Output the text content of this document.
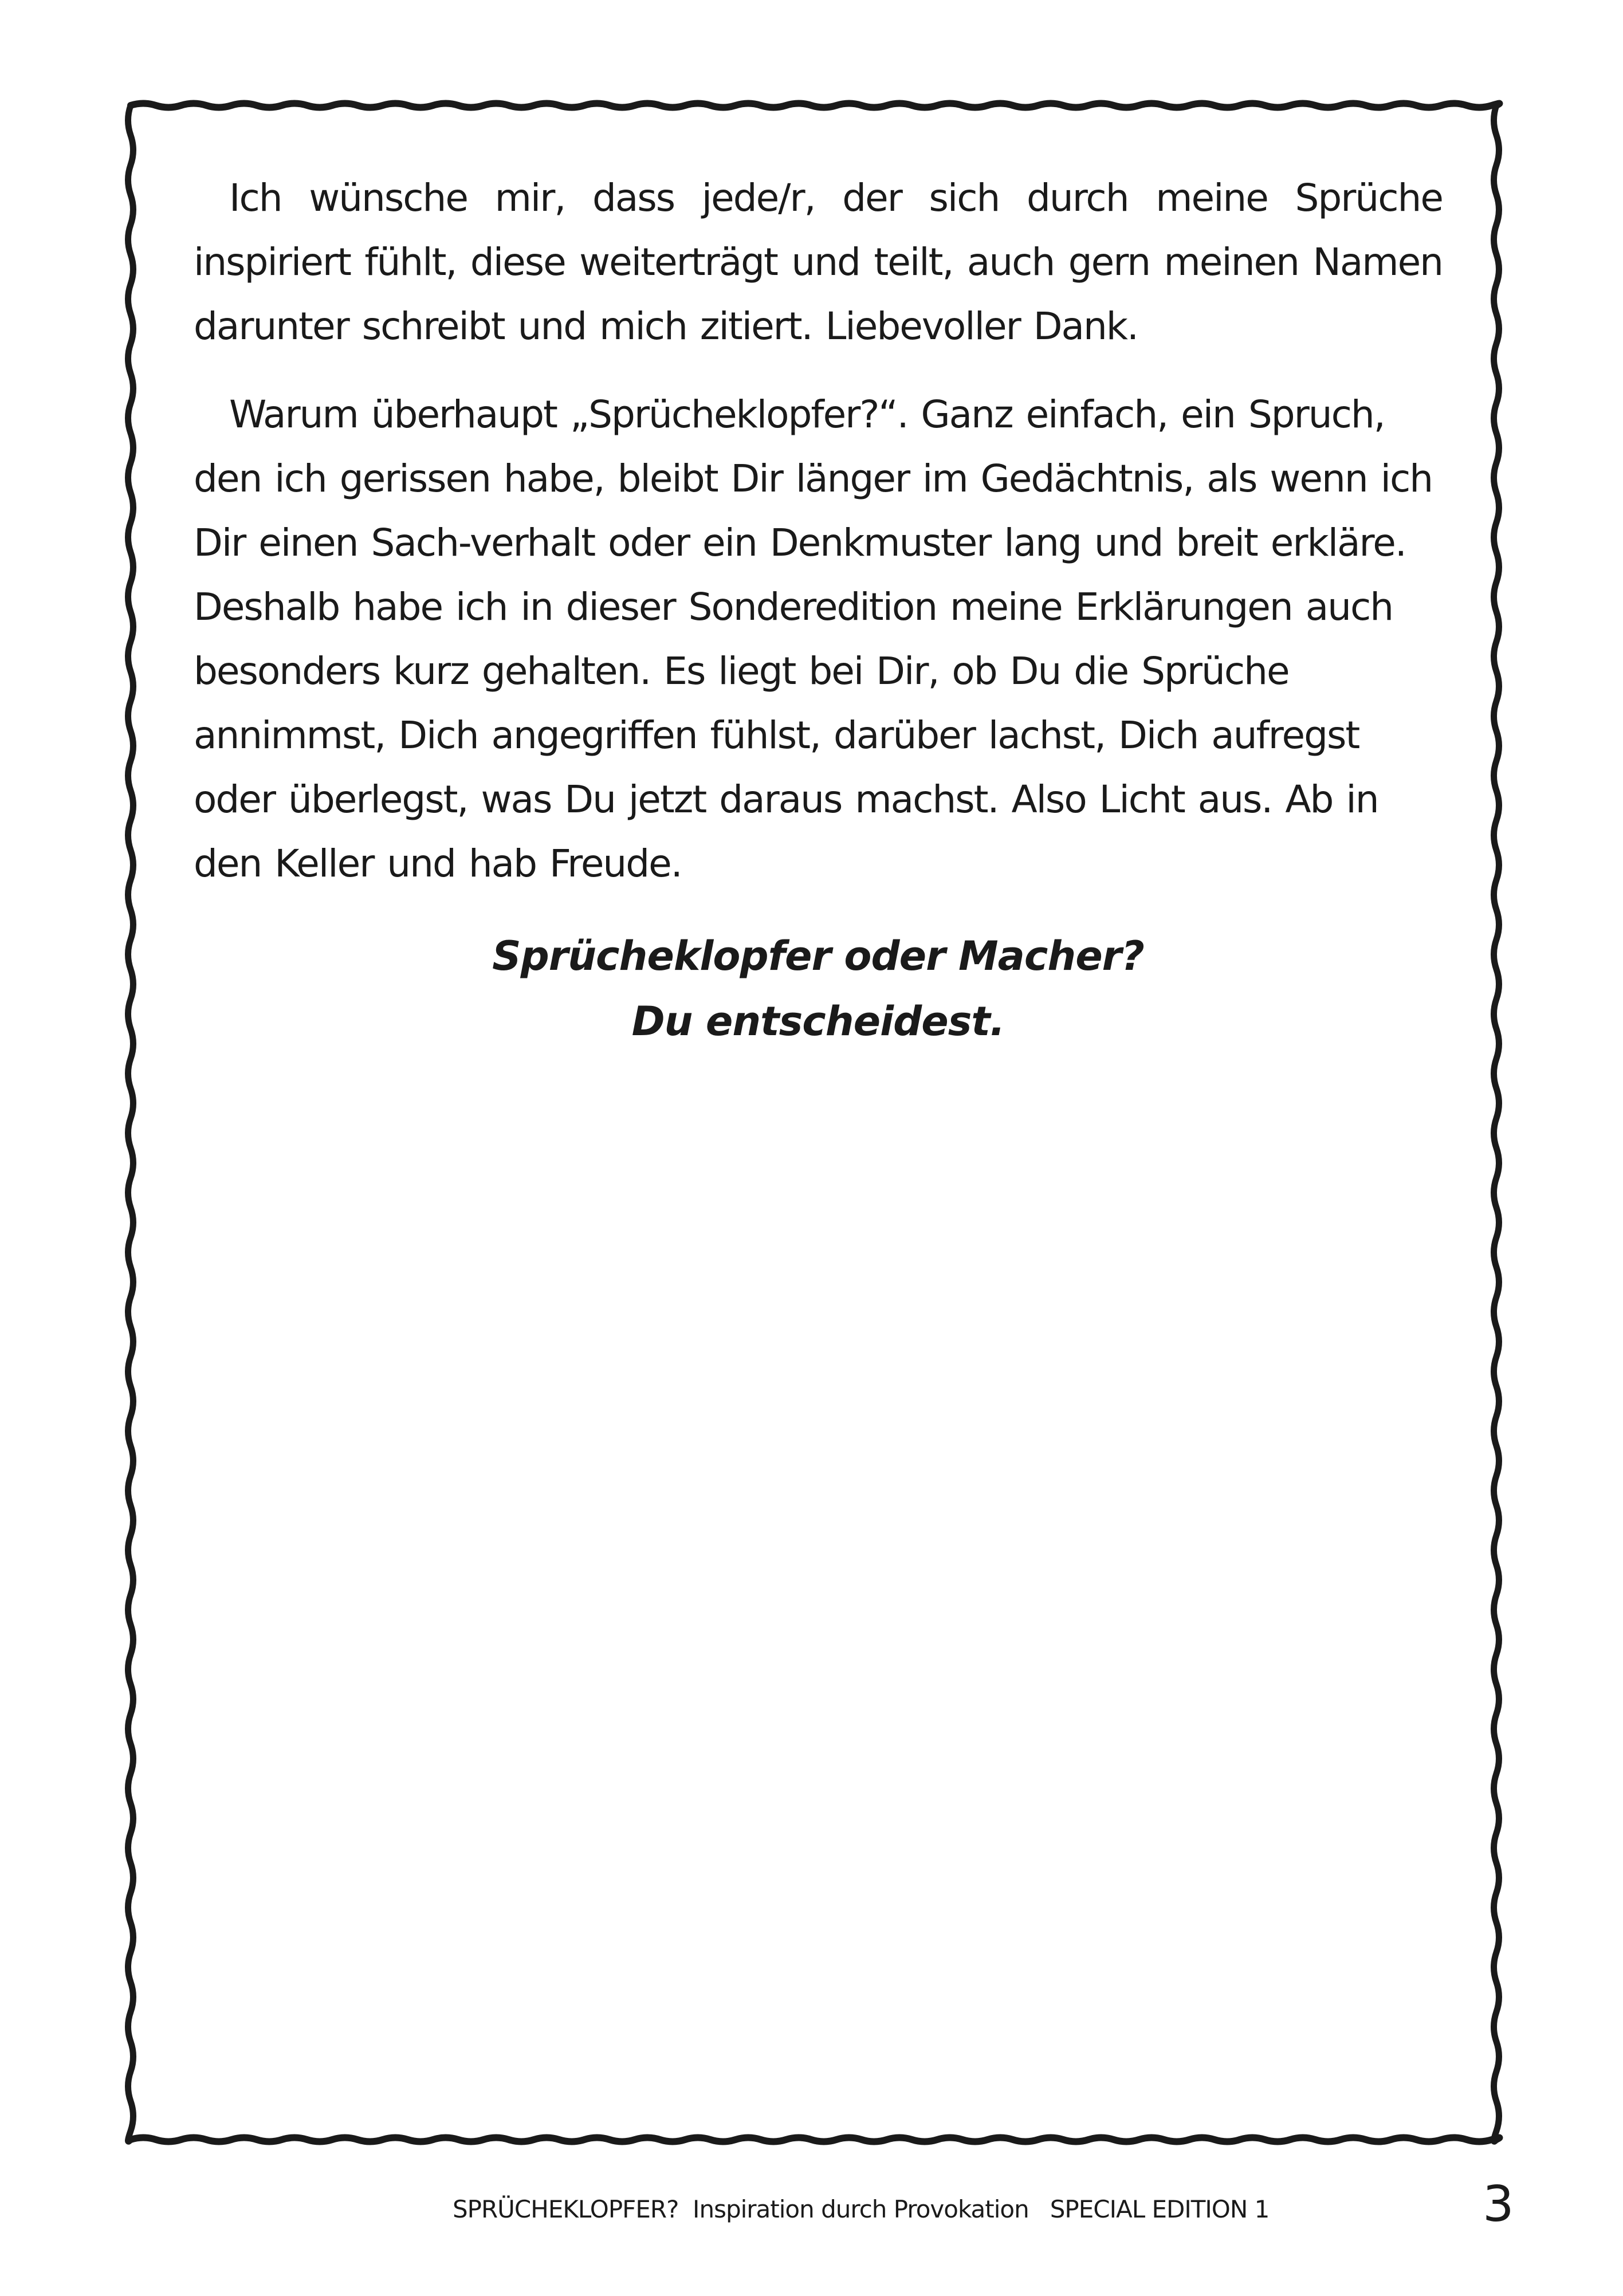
Ich wünsche mir, dass jede/r, der sich durch meine Sprüche inspiriert fühlt, diese weiterträgt und teilt, auch gern meinen Namen darunter schreibt und mich zitiert. Liebevoller Dank.

Warum überhaupt „Sprücheklopfer?“. Ganz einfach, ein Spruch, den ich gerissen habe, bleibt Dir länger im Gedächtnis, als wenn ich Dir einen Sach-verhalt oder ein Denkmuster lang und breit erkläre. Deshalb habe ich in dieser Sonderedition meine Erklärungen auch besonders kurz gehalten. Es liegt bei Dir, ob Du die Sprüche annimmst, Dich angegriffen fühlst, darüber lachst, Dich aufregst oder überlegst, was Du jetzt daraus machst. Also Licht aus. Ab in den Keller und hab Freude.

Sprücheklopfer oder Macher?
Du entscheidest.
SPRÜCHEKLOPFER?  Inspiration durch Provokation   SPECIAL EDITION 1	3
